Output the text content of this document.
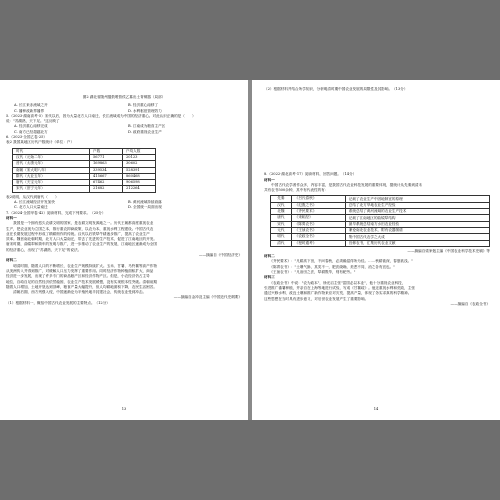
图2 湖北省随州擂鼓墩曾侯乙墓出土青铜器（局部）
A. 长江来赤流域之开	B. 经济重心南移了
C. 播种改新界播界	D. 水利枢纽管理效力
5.（2023·湖南高考·5）宋代以后，因为大量北方人口南迁，长江流域成为中国的经济重心。对此认识正确的是（　　）
说："苏湖熟，天下足。"这反映了
A. 经济重心南移完成	B. 江南成为粮食主产区
C. 南方已经超越北方	D. 政府重视农业生产
6.（2023·全国乙卷·25）
表2 我国某地区历代户数统计（单位：户）
时代	户数	户均人数
汉代（元始二年）	56771	20123
晋代（太康元年）	169863	30602
南朝（宋大明八年）	339534	528391
隋代（大业五年）	415667	860468
唐代（天宝元年）	67462	906598
宋代（崇宁元年）	21682	212264
表2说明，从汉代到唐代（　　）
A. 长江流域经济开发加快	B. 黄河流域持续衰落
C. 北方人口大量南迁	D. 全国统一局面出现
7.（2024·全国甲卷·42）阅读材料，完成下列要求。（25分）
材料一
　　我国是一个拥有悠久农耕文明的国家，是农耕文明发源地之一。历代王朝都高度重视农业
生产，把农业视为立国之本，推行重农抑商政策，以农为本，重视水利工程建设。中国古代农
业在长期发展过程中形成了精耕细作的传统。汉代以后铁犁牛耕逐步推广，提高了农业生产
效率。魏晋南北朝时期，北方人口大量南迁，带去了先进的生产技术，促进了江南地区的开发。
唐宋时期，曲辕犁和筒车的发明与推广，进一步推动了农业生产的发展，江南地区逐渐成为全国
的经济重心，出现了"苏湖熟，天下足"的说法。
——摘编自《中国经济史》
材料二
　　明清时期，随着人口的不断增长，农业生产规模持续扩大。玉米、甘薯、马铃薯等高产作物
从美洲传入并得到推广，对缓解人口压力发挥了重要作用。同时经济作物种植面积扩大，商品
经济进一步发展，出现了许多专门的商品粮产区和经济作物产区。但是，小农经济仍占主导
地位，自给自足的自然经济依然稳固，农业生产技术发展缓慢，没有实现根本性突破。清朝前期
随着人口增加，土地开垦达到顶峰，粮食产量大幅提升，但人均耕地面积下降，农民生活困苦。
　　清朝后期，西方列强入侵，中国逐渐沦为半殖民地半封建社会，传统农业受到冲击。
——摘编自金冲及主编《中国近代史纲要》
（1）根据材料一，概括中国古代农业发展的主要特点。（12分）
13
（2）根据材料并结合所学知识，分析明清时期中国农业发展的局限性及其影响。（13分）
8.（2022·湖北高考·17）阅读材料，回答问题。（14分）
材料一
　　中国古代农学著作众多，内容丰富，是我国古代农业科技发展的重要体现，据统计从先秦到清末
共有农书500余种，其中有代表性的有：
先秦	《吕氏春秋》	记载了农业生产中因地制宜的原理
汉代	《氾胜之书》	总结了北方旱地农业生产经验
北魏	《齐民要术》	系统总结了黄河流域的农业生产技术
唐代	《耒耜经》	记载了江南地区的曲辕犁结构
宋代	《陈旉农书》	最早系统总结南方水田农业经验
元代	《王祯农书》	兼论南北农业技术，附有农器图谱
明代	《农政全书》	集中国古代农学之大成
清代	《授时通考》	官修农书，汇集历代农业文献
——摘编自梁家勉主编《中国农业科学技术史稿》等
材料二
　　《齐民要术》："凡耕高下田，不问春秋，必须燥湿得所为佳。……秋耕欲深，春夏欲浅。"
　　《陈旉农书》："土壤气脉，其类不一，肥沃硗埆，美恶不同，治之各有宜也。"
　　《王祯农书》："凡治田之法，犁耕既毕，则有耙劳。"
材料三
　　《农政全书》中说："农为政本"，徐光启主张"富国必以本业"，他十分重视农业科技，
引进推广番薯种植，并亲自在上海等地进行试验，写成《甘薯疏》。他还重视水利和荒政，主张
通过兴修水利、改良土壤和推广新作物来应对灾荒、提高产量，体现了务实求真的科学精神。
这些思想在当时具有进步意义，对后世农业发展产生了重要影响。
——摘编自《农政全书》
14
